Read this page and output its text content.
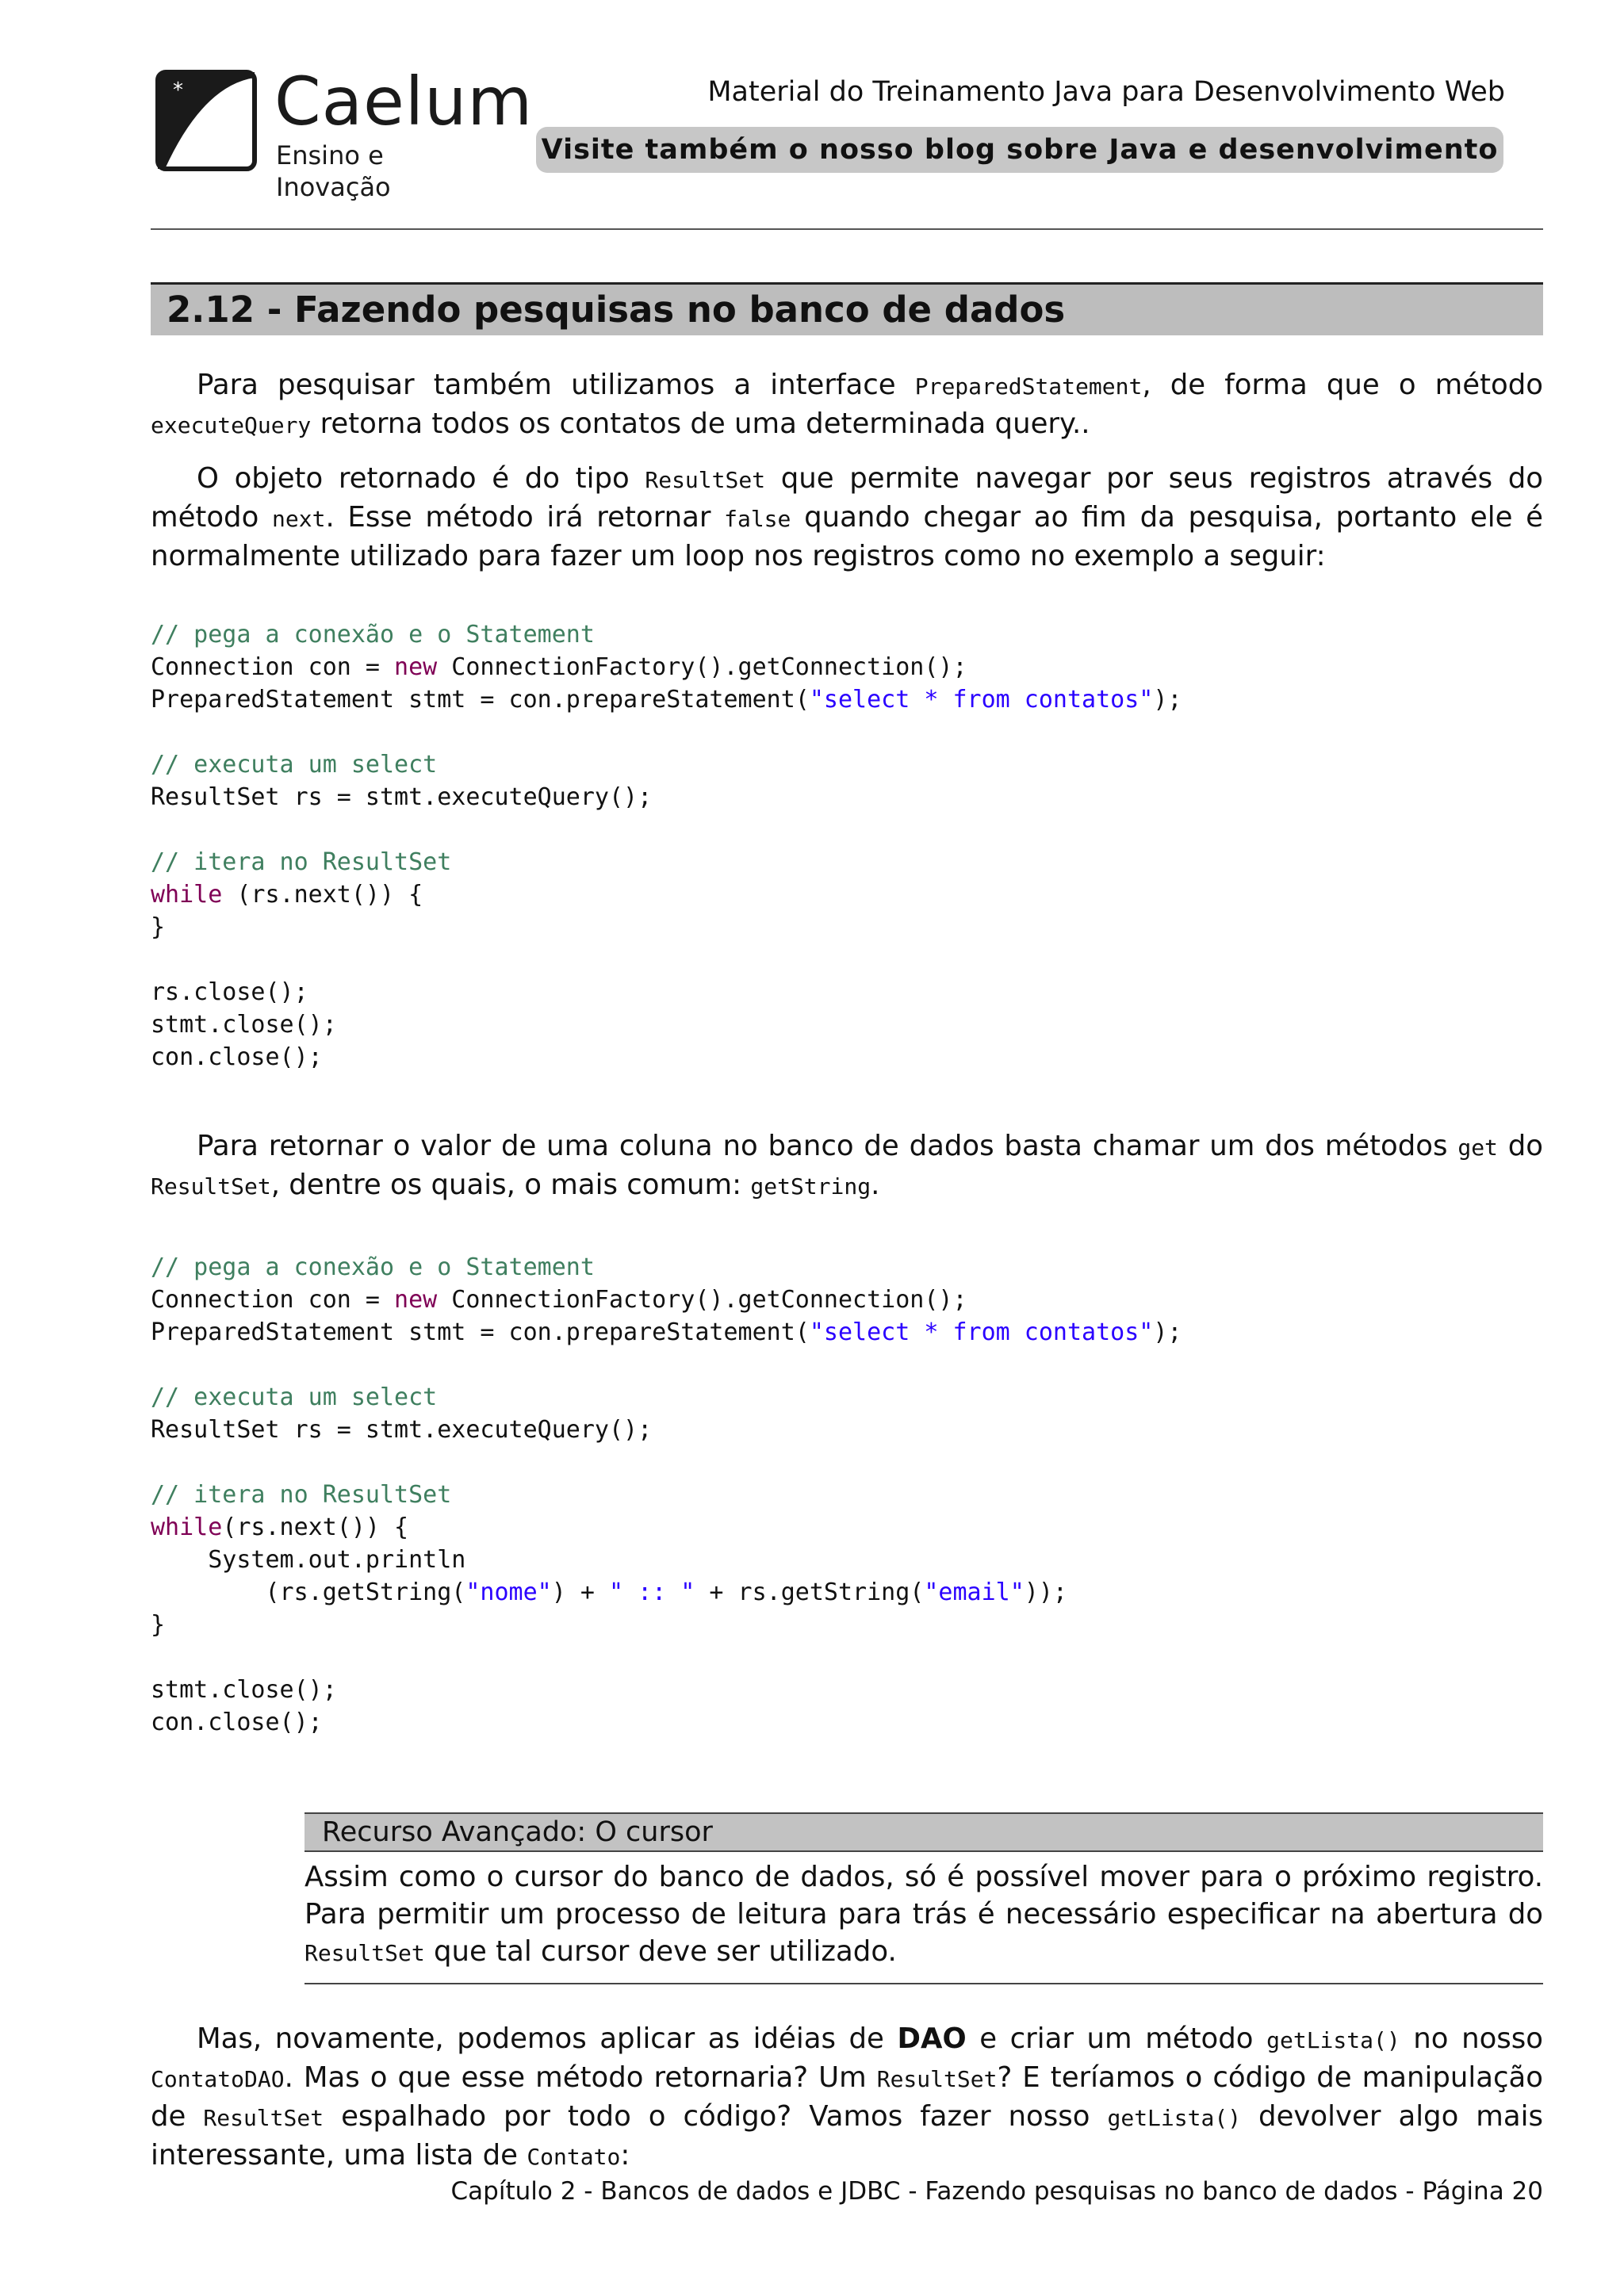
* Caelum
Ensino e Inovação
Material do Treinamento Java para Desenvolvimento Web
Visite também o nosso blog sobre Java e desenvolvimento
2.12 - Fazendo pesquisas no banco de dados

Para pesquisar também utilizamos a interface PreparedStatement, de forma que o método executeQuery retorna todos os contatos de uma determinada query..

O objeto retornado é do tipo ResultSet que permite navegar por seus registros através do método next. Esse método irá retornar false quando chegar ao fim da pesquisa, portanto ele é normalmente utilizado para fazer um loop nos registros como no exemplo a seguir:

// pega a conexão e o Statement
Connection con = new ConnectionFactory().getConnection();
PreparedStatement stmt = con.prepareStatement("select * from contatos");
// executa um select
ResultSet rs = stmt.executeQuery();
// itera no ResultSet
while (rs.next()) {
}
rs.close();
stmt.close();
con.close();

Para retornar o valor de uma coluna no banco de dados basta chamar um dos métodos get do ResultSet, dentre os quais, o mais comum: getString.

// pega a conexão e o Statement
Connection con = new ConnectionFactory().getConnection();
PreparedStatement stmt = con.prepareStatement("select * from contatos");
// executa um select
ResultSet rs = stmt.executeQuery();
// itera no ResultSet
while(rs.next()) {
System.out.println
(rs.getString("nome") + " :: " + rs.getString("email"));
}
stmt.close();
con.close();
Recurso Avançado: O cursor

Assim como o cursor do banco de dados, só é possível mover para o próximo registro. Para permitir um processo de leitura para trás é necessário especificar na abertura do ResultSet que tal cursor deve ser utilizado.

Mas, novamente, podemos aplicar as idéias de DAO e criar um método getLista() no nosso ContatoDAO. Mas o que esse método retornaria? Um ResultSet? E teríamos o código de manipulação de ResultSet espalhado por todo o código? Vamos fazer nosso getLista() devolver algo mais interessante, uma lista de Contato:

Capítulo 2 - Bancos de dados e JDBC - Fazendo pesquisas no banco de dados - Página 20
